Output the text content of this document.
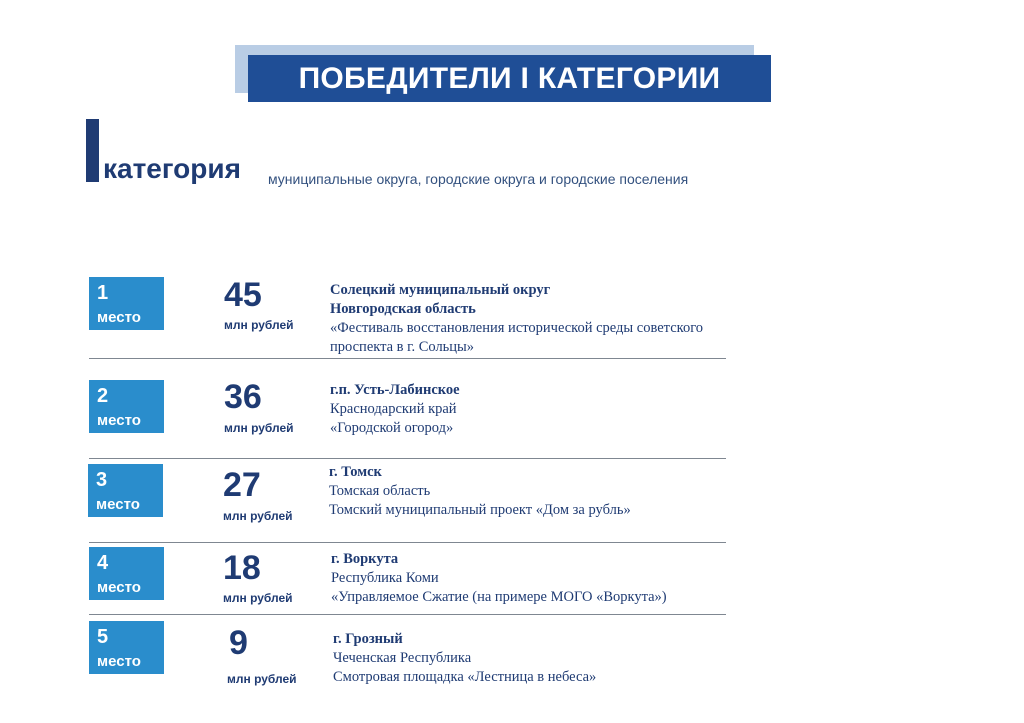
ПОБЕДИТЕЛИ I КАТЕГОРИИ
категория муниципальные округа, городские округа и городские поселения
1
место
45
млн рублей
Солецкий муниципальный округ
Новгородская область
«Фестиваль восстановления исторической среды советского
проспекта в г. Сольцы»
2
место
36
млн рублей
г.п. Усть-Лабинское
Краснодарский край
«Городской огород»
3
место
27
млн рублей
г. Томск
Томская область
Томский муниципальный проект «Дом за рубль»
4
место
18
млн рублей
г. Воркута
Республика Коми
«Управляемое Сжатие (на примере МОГО «Воркута»)
5
место	9
млн рублей
г. Грозный
Чеченская Республика
Смотровая площадка «Лестница в небеса»
